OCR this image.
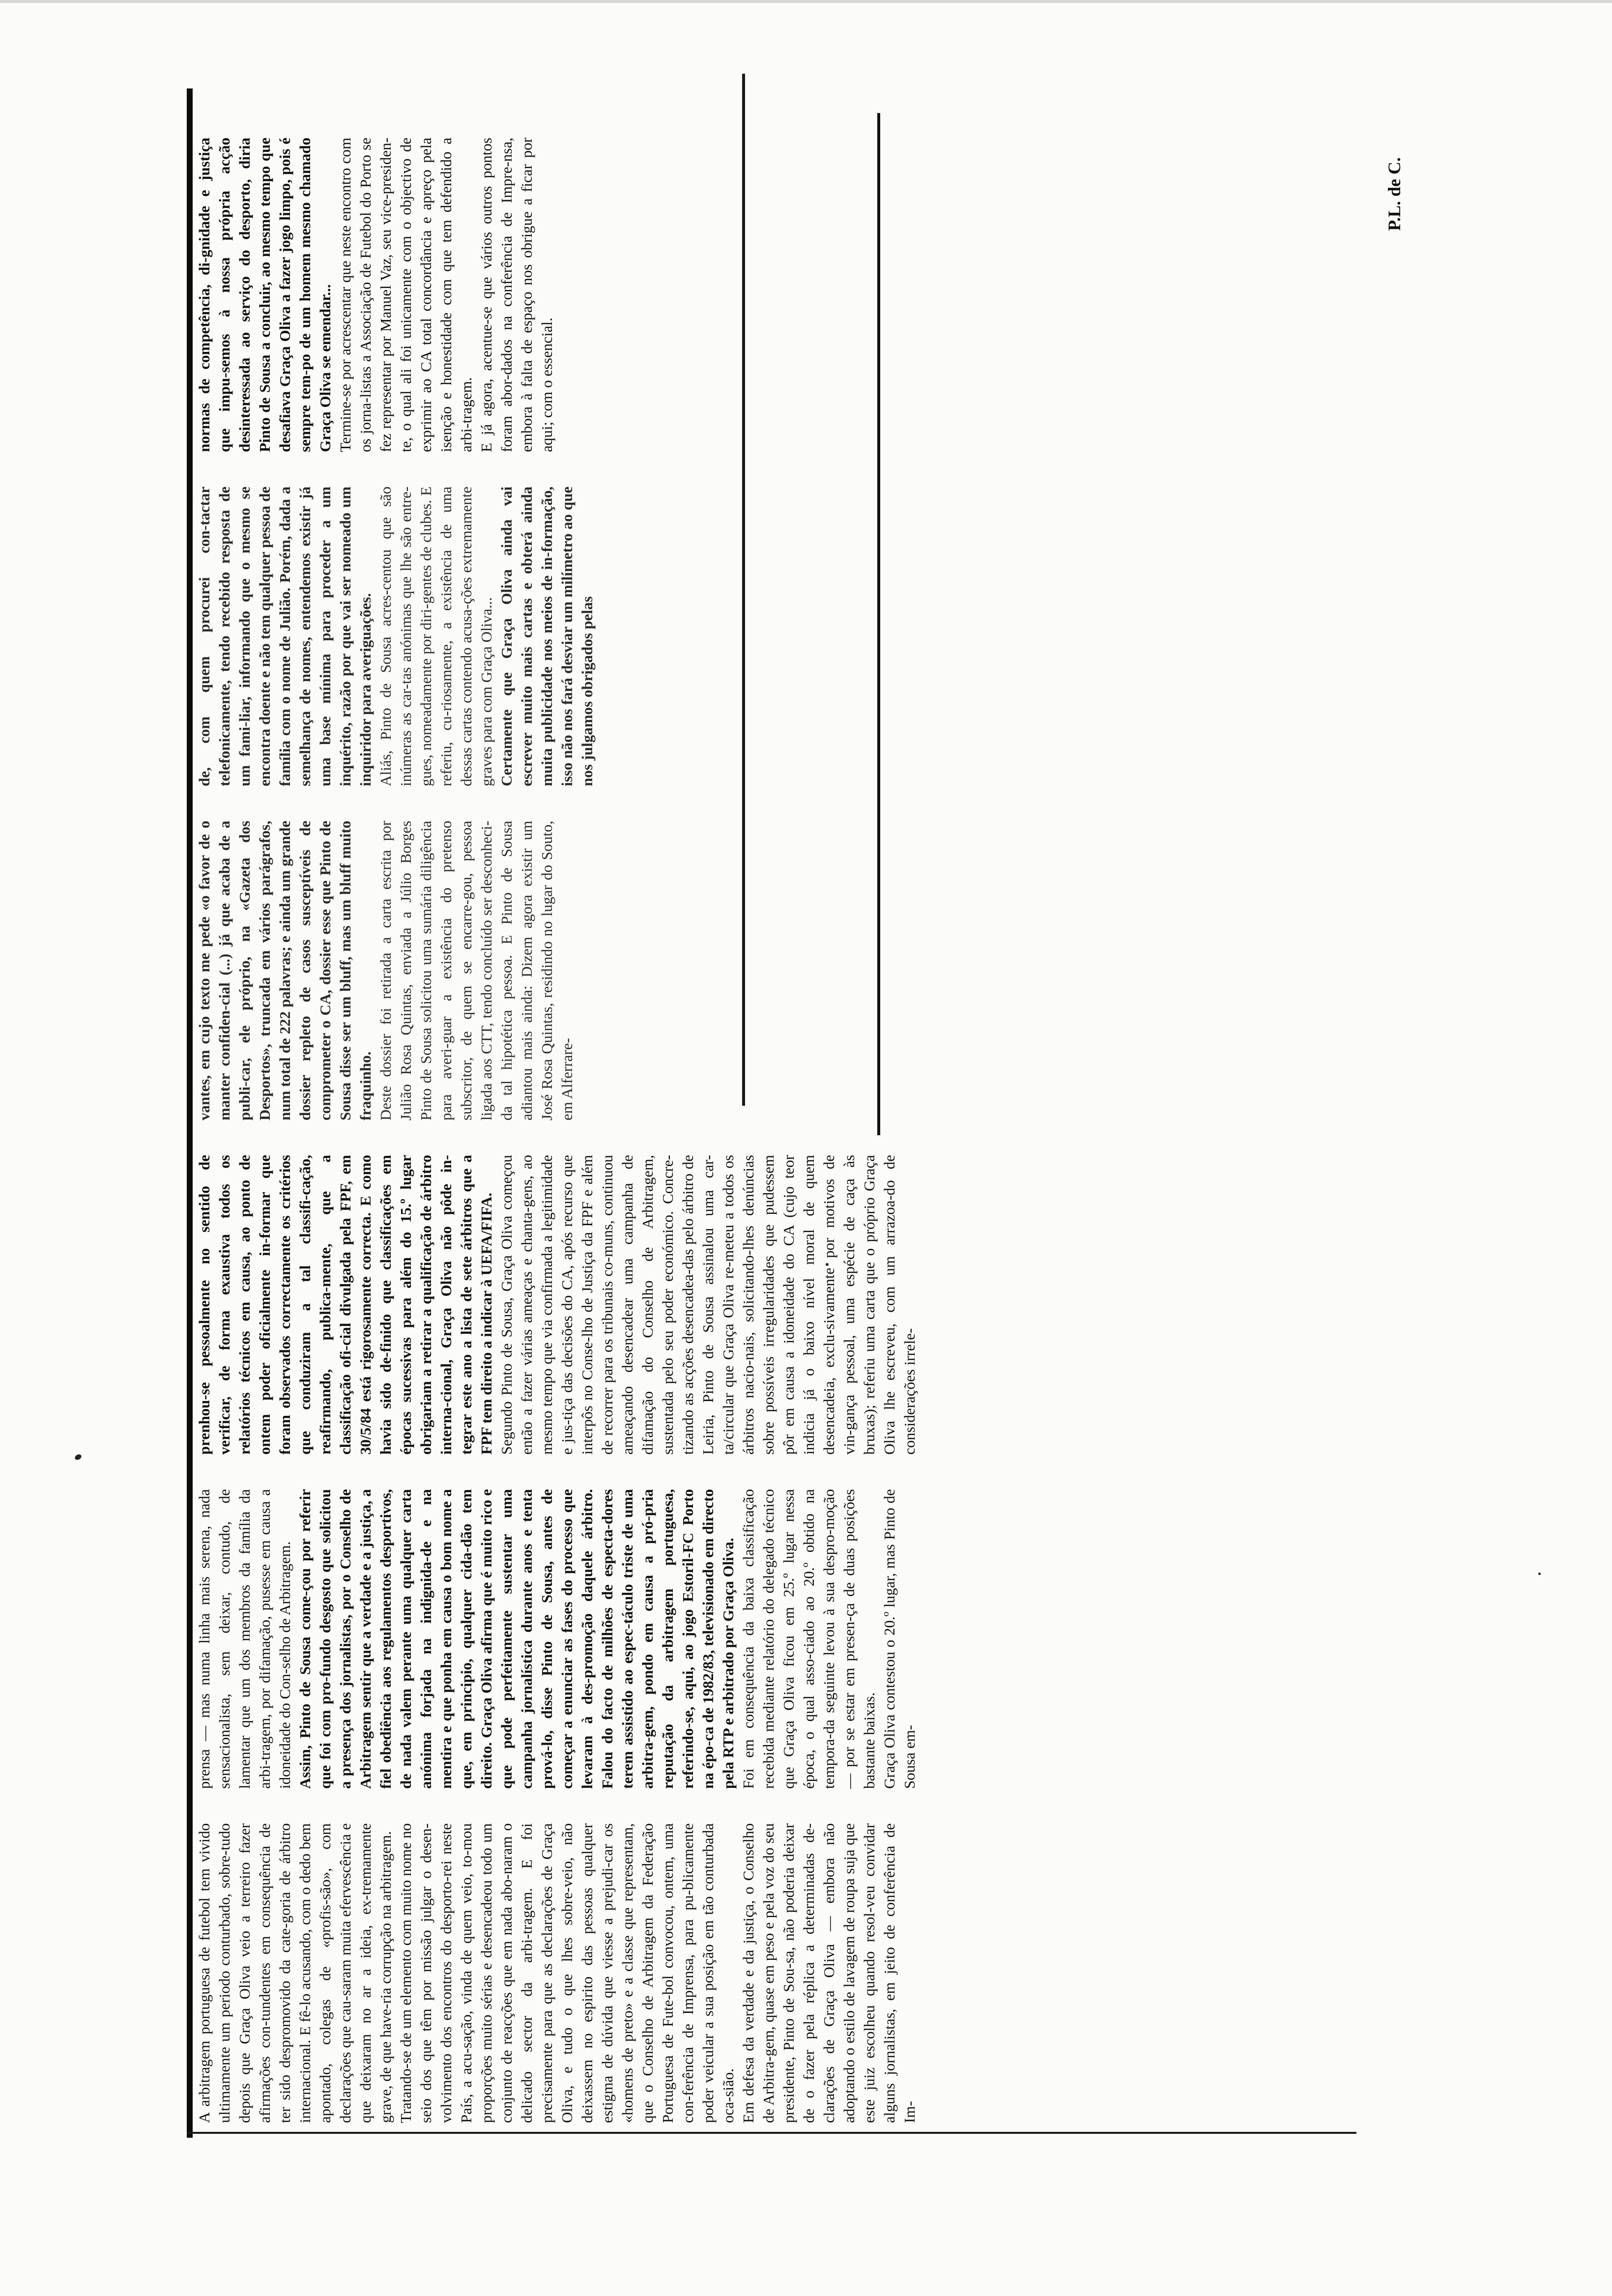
A arbitragem portuguesa de futebol tem vivido ultimamente um periodo conturbado, sobre-tudo depois que Graça Oliva veio a terreiro fazer afirmações con-tundentes em consequência de ter sido despromovido da cate-goria de árbitro internacional. E fê-lo acusando, com o dedo bem apontado, colegas de «profis-são», com declarações que cau-saram muita efervescência e que deixaram no ar a ideia, ex-tremamente grave, de que have-ria corrupção na arbitragem. Tratando-se de um elemento com muito nome no seio dos que têm por missão julgar o desen-volvimento dos encontros do desporto-rei neste País, a acu-sação, vinda de quem veio, to-mou proporções muito sérias e desencadeou todo um conjunto de reacções que em nada abo-naram o delicado sector da arbi-tragem. E foi precisamente para que as declarações de Graça Oliva, e tudo o que lhes sobre-veio, não deixassem no espirito das pessoas qualquer estigma de dúvida que viesse a prejudi-car os «homens de preto» e a classe que representam, que o Conselho de Arbitragem da Federação Portuguesa de Fute-bol convocou, ontem, uma con-ferência de Imprensa, para pu-blicamente poder veicular a sua posição em tão conturbada oca-sião. Em defesa da verdade e da justiça, o Conselho de Arbitra-gem, quase em peso e pela voz do seu presidente, Pinto de Sou-sa, não poderia deixar de o fazer pela réplica a determinadas de-clarações de Graça Oliva — embora não adoptando o estilo de lavagem de roupa suja que este juiz escolheu quando resol-veu convidar alguns jornalistas, em jeito de conferência de Im-

prensa — mas numa linha mais serena, nada sensacionalista, sem deixar, contudo, de lamentar que um dos membros da família da arbi-tragem, por difamação, pusesse em causa a idoneidade do Con-selho de Arbitragem. Assim, Pinto de Sousa come-çou por referir que foi com pro-fundo desgosto que solicitou a presença dos jornalistas, por o Conselho de Arbitragem sentir que a verdade e a justiça, a fiel obediência aos regulamentos desportivos, de nada valem perante uma qualquer carta anónima forjada na indignida-de e na mentira e que ponha em causa o bom nome a que, em principio, qualquer cida-dão tem direito. Graça Oliva afirma que é muito rico e que pode perfeitamente sustentar uma campanha jornalística durante anos e tenta prová-lo, disse Pinto de Sousa, antes de começar a enunciar as fases do processo que levaram à des-promoção daquele árbitro. Falou do facto de milhões de especta-dores terem assistido ao espec-táculo triste de uma arbitra-gem, pondo em causa a pró-pria reputação da arbitragem portuguesa, referindo-se, aqui, ao jogo Estoril-FC Porto na épo-ca de 1982/83, televisionado em directo pela RTP e arbitrado por Graça Oliva. Foi em consequência da baixa classificação recebida mediante relatório do delegado técnico que Graça Oliva ficou em 25.º lugar nessa época, o qual asso-ciado ao 20.º obtido na tempora-da seguinte levou à sua despro-moção — por se estar em presen-ça de duas posições bastante baixas. Graça Oliva contestou o 20.º lugar, mas Pinto de Sousa em-

prenhou-se pessoalmente no sentido de verificar, de forma exaustiva todos os relatórios técnicos em causa, ao ponto de ontem poder oficialmente in-formar que foram observados correctamente os critérios que conduziram a tal classifi-cação, reafirmando, publica-mente, que a classificação ofi-cial divulgada pela FPF, em 30/5/84 está rigorosamente correcta. E como havia sido de-finido que classificações em épocas sucessivas para além do 15.º lugar obrigariam a retirar a qualificação de árbitro interna-cional, Graça Oliva não pôde in-tegrar este ano a lista de sete árbitros que a FPF tem direito a indicar à UEFA/FIFA. Segundo Pinto de Sousa, Graça Oliva começou então a fazer várias ameaças e chanta-gens, ao mesmo tempo que via confirmada a legitimidade e jus-tiça das decisões do CA, após recurso que interpôs no Conse-lho de Justiça da FPF e além de recorrer para os tribunais co-muns, continuou ameaçando desencadear uma campanha de difamação do Conselho de Arbitragem, sustentada pelo seu poder económico. Concre-tizando as acções desencadea-das pelo árbitro de Leiria, Pinto de Sousa assinalou uma car-ta/circular que Graça Oliva re-meteu a todos os árbitros nacio-nais, solicitando-lhes denúncias sobre possíveis irregularidades que pudessem pôr em causa a idoneidade do CA (cujo teor indicia já o baixo nível moral de quem desencadeia, exclu-sivamente por motivos de vin-gança pessoal, uma espécie de caça às bruxas); referiu uma carta que o próprio Graça Oliva lhe escreveu, com um arrazoa-do de considerações irrele-

vantes, em cujo texto me pede «o favor de o manter confiden-cial (...) já que acaba de a publi-car, ele próprio, na «Gazeta dos Desportos», truncada em vários parágrafos, num total de 222 palavras; e ainda um grande dossier repleto de casos susceptíveis de comprometer o CA, dossier esse que Pinto de Sousa disse ser um bluff, mas um bluff muito fraquinho. Deste dossier foi retirada a carta escrita por Julião Rosa Quintas, enviada a Júlio Borges Pinto de Sousa solicitou uma sumária diligência para averi-guar a existência do pretenso subscritor, de quem se encarre-gou, pessoa ligada aos CTT, tendo concluído ser desconheci-da tal hipotética pessoa. E Pinto de Sousa adiantou mais ainda: Dizem agora existir um José Rosa Quintas, residindo no lugar do Souto, em Alferrare-

de, com quem procurei con-tactar telefonicamente, tendo recebido resposta de um fami-liar, informando que o mesmo se encontra doente e não tem qualquer pessoa de família com o nome de Julião. Porém, dada a semelhança de nomes, entendemos existir já uma base mínima para proceder a um inquérito, razão por que vai ser nomeado um inquiridor para averiguações. Aliás, Pinto de Sousa acres-centou que são inúmeras as car-tas anónimas que lhe são entre-gues, nomeadamente por diri-gentes de clubes. E referiu, cu-riosamente, a existência de uma dessas cartas contendo acusa-ções extremamente graves para com Graça Oliva... Certamente que Graça Oliva ainda vai escrever muito mais cartas e obterá ainda muita publicidade nos meios de in-formação, isso não nos fará desviar um milímetro ao que nos julgamos obrigados pelas

normas de competência, di-gnidade e justiça que impu-semos à nossa própria acção desinteressada ao serviço do desporto, diria Pinto de Sousa a concluir, ao mesmo tempo que desafiava Graça Oliva a fazer jogo limpo, pois é sempre tem-po de um homem mesmo chamado Graça Oliva se emendar... Termine-se por acrescentar que neste encontro com os jorna-listas a Associação de Futebol do Porto se fez representar por Manuel Vaz, seu vice-presiden-te, o qual ali foi unicamente com o objectivo de exprimir ao CA total concordância e apreço pela isenção e honestidade com que tem defendido a arbi-tragem. E já agora, acentue-se que vários outros pontos foram abor-dados na conferência de Impre-nsa, embora à falta de espaço nos obrigue a ficar por aqui; com o essencial.

P.L. de C.
